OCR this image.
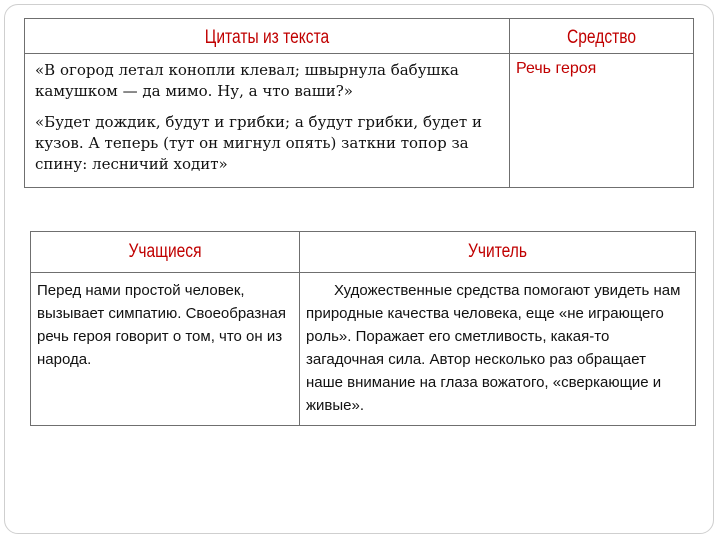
Цитаты из текста	Средство

«В огород летал конопли клевал; швырнула бабушка камушком — да мимо. Ну, а что ваши?»

«Будет дождик, будут и грибки; а будут грибки, будет и кузов. А теперь (тут он мигнул опять) заткни топор за спину: лесничий ходит»	Речь героя
Учащиеся	Учитель

Перед нами простой человек, вызывает симпатию. Своеобразная речь героя говорит о том, что он из народа.	Художественные средства помогают увидеть нам природные качества человека, еще «не играющего роль». Поражает его сметливость, какая-то загадочная сила. Автор несколько раз обращает наше внимание на глаза вожатого, «сверкающие и живые».
